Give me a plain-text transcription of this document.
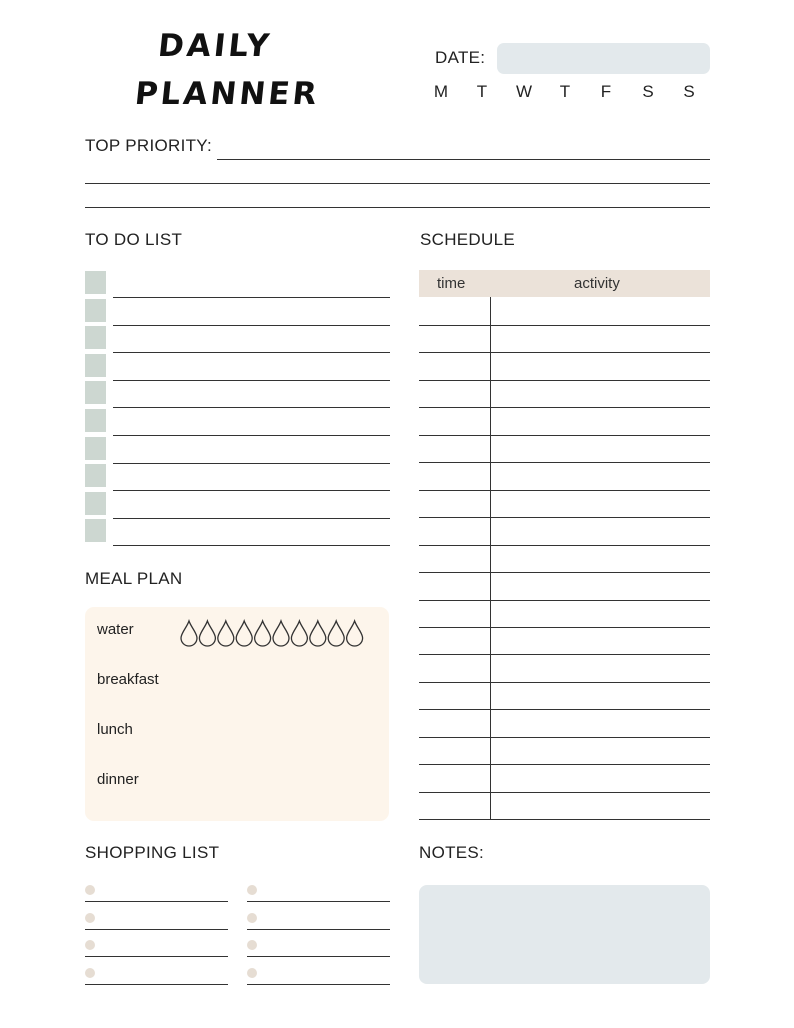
DAILY
PLANNER
DATE:
M T W T F S S
TOP PRIORITY:
TO DO LIST	SCHEDULE
time	activity
MEAL PLAN
water
breakfast
lunch
dinner
SHOPPING LIST	NOTES:
